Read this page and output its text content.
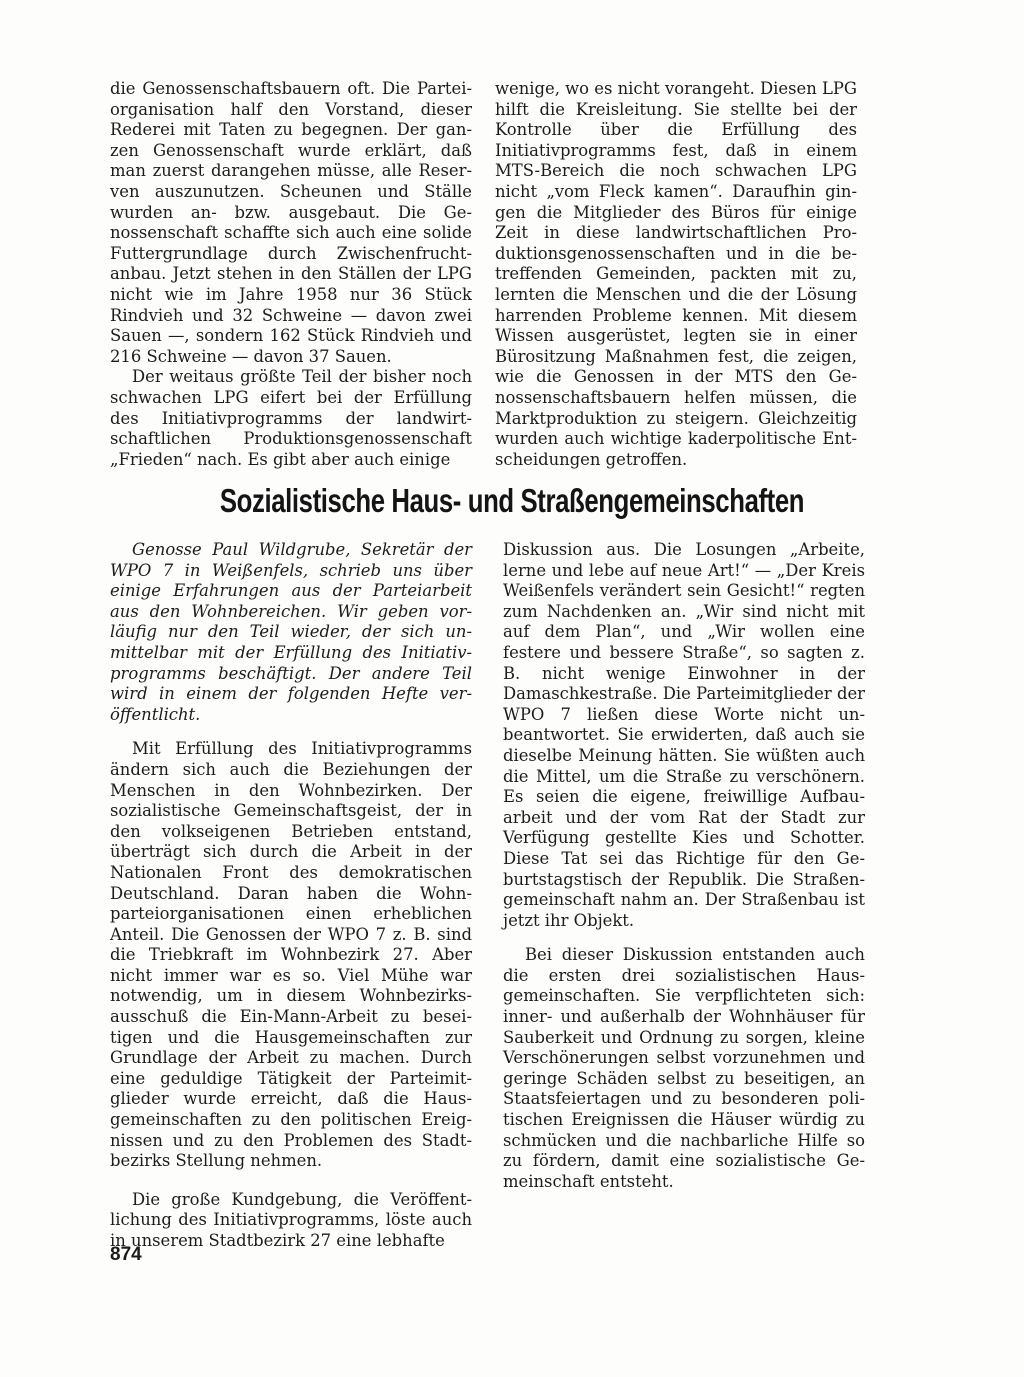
die Genossenschaftsbauern oft. Die Parteiorganisation half den Vorstand, dieser Rederei mit Taten zu begegnen. Der ganzen Genossenschaft wurde erklärt, daß man zuerst darangehen müsse, alle Reserven auszunutzen. Scheunen und Ställe wurden an- bzw. ausgebaut. Die Genossenschaft schaffte sich auch eine solide Futtergrundlage durch Zwischenfruchtanbau. Jetzt stehen in den Ställen der LPG nicht wie im Jahre 1958 nur 36 Stück Rindvieh und 32 Schweine — davon zwei Sauen —, sondern 162 Stück Rindvieh und 216 Schweine — davon 37 Sauen.

Der weitaus größte Teil der bisher noch schwachen LPG eifert bei der Erfüllung des Initiativprogramms der landwirtschaftlichen Produktionsgenossenschaft „Frieden“ nach. Es gibt aber auch einige

wenige, wo es nicht vorangeht. Diesen LPG hilft die Kreisleitung. Sie stellte bei der Kontrolle über die Erfüllung des Initiativprogramms fest, daß in einem MTS-Bereich die noch schwachen LPG nicht „vom Fleck kamen“. Daraufhin gingen die Mitglieder des Büros für einige Zeit in diese landwirtschaftlichen Produktionsgenossenschaften und in die betreffenden Gemeinden, packten mit zu, lernten die Menschen und die der Lösung harrenden Probleme kennen. Mit diesem Wissen ausgerüstet, legten sie in einer Bürositzung Maßnahmen fest, die zeigen, wie die Genossen in der MTS den Genossenschaftsbauern helfen müssen, die Marktproduktion zu steigern. Gleichzeitig wurden auch wichtige kaderpolitische Entscheidungen getroffen.

Sozialistische Haus- und Straßengemeinschaften

Genosse Paul Wildgrube, Sekretär der WPO 7 in Weißenfels, schrieb uns über einige Erfahrungen aus der Parteiarbeit aus den Wohnbereichen. Wir geben vorläufig nur den Teil wieder, der sich unmittelbar mit der Erfüllung des Initiativprogramms beschäftigt. Der andere Teil wird in einem der folgenden Hefte veröffentlicht.

Mit Erfüllung des Initiativprogramms ändern sich auch die Beziehungen der Menschen in den Wohnbezirken. Der sozialistische Gemeinschaftsgeist, der in den volkseigenen Betrieben entstand, überträgt sich durch die Arbeit in der Nationalen Front des demokratischen Deutschland. Daran haben die Wohnparteiorganisationen einen erheblichen Anteil. Die Genossen der WPO 7 z. B. sind die Triebkraft im Wohnbezirk 27. Aber nicht immer war es so. Viel Mühe war notwendig, um in diesem Wohnbezirksausschuß die Ein-Mann-Arbeit zu beseitigen und die Hausgemeinschaften zur Grundlage der Arbeit zu machen. Durch eine geduldige Tätigkeit der Parteimitglieder wurde erreicht, daß die Hausgemeinschaften zu den politischen Ereignissen und zu den Problemen des Stadtbezirks Stellung nehmen.

Die große Kundgebung, die Veröffentlichung des Initiativprogramms, löste auch in unserem Stadtbezirk 27 eine lebhafte

Diskussion aus. Die Losungen „Arbeite, lerne und lebe auf neue Art!“ — „Der Kreis Weißenfels verändert sein Gesicht!“ regten zum Nachdenken an. „Wir sind nicht mit auf dem Plan“, und „Wir wollen eine festere und bessere Straße“, so sagten z. B. nicht wenige Einwohner in der Damaschkestraße. Die Parteimitglieder der WPO 7 ließen diese Worte nicht unbeantwortet. Sie erwiderten, daß auch sie dieselbe Meinung hätten. Sie wüßten auch die Mittel, um die Straße zu verschönern. Es seien die eigene, freiwillige Aufbauarbeit und der vom Rat der Stadt zur Verfügung gestellte Kies und Schotter. Diese Tat sei das Richtige für den Geburtstagstisch der Republik. Die Straßengemeinschaft nahm an. Der Straßenbau ist jetzt ihr Objekt.

Bei dieser Diskussion entstanden auch die ersten drei sozialistischen Hausgemeinschaften. Sie verpflichteten sich: inner- und außerhalb der Wohnhäuser für Sauberkeit und Ordnung zu sorgen, kleine Verschönerungen selbst vorzunehmen und geringe Schäden selbst zu beseitigen, an Staatsfeiertagen und zu besonderen politischen Ereignissen die Häuser würdig zu schmücken und die nachbarliche Hilfe so zu fördern, damit eine sozialistische Gemeinschaft entsteht.

874
